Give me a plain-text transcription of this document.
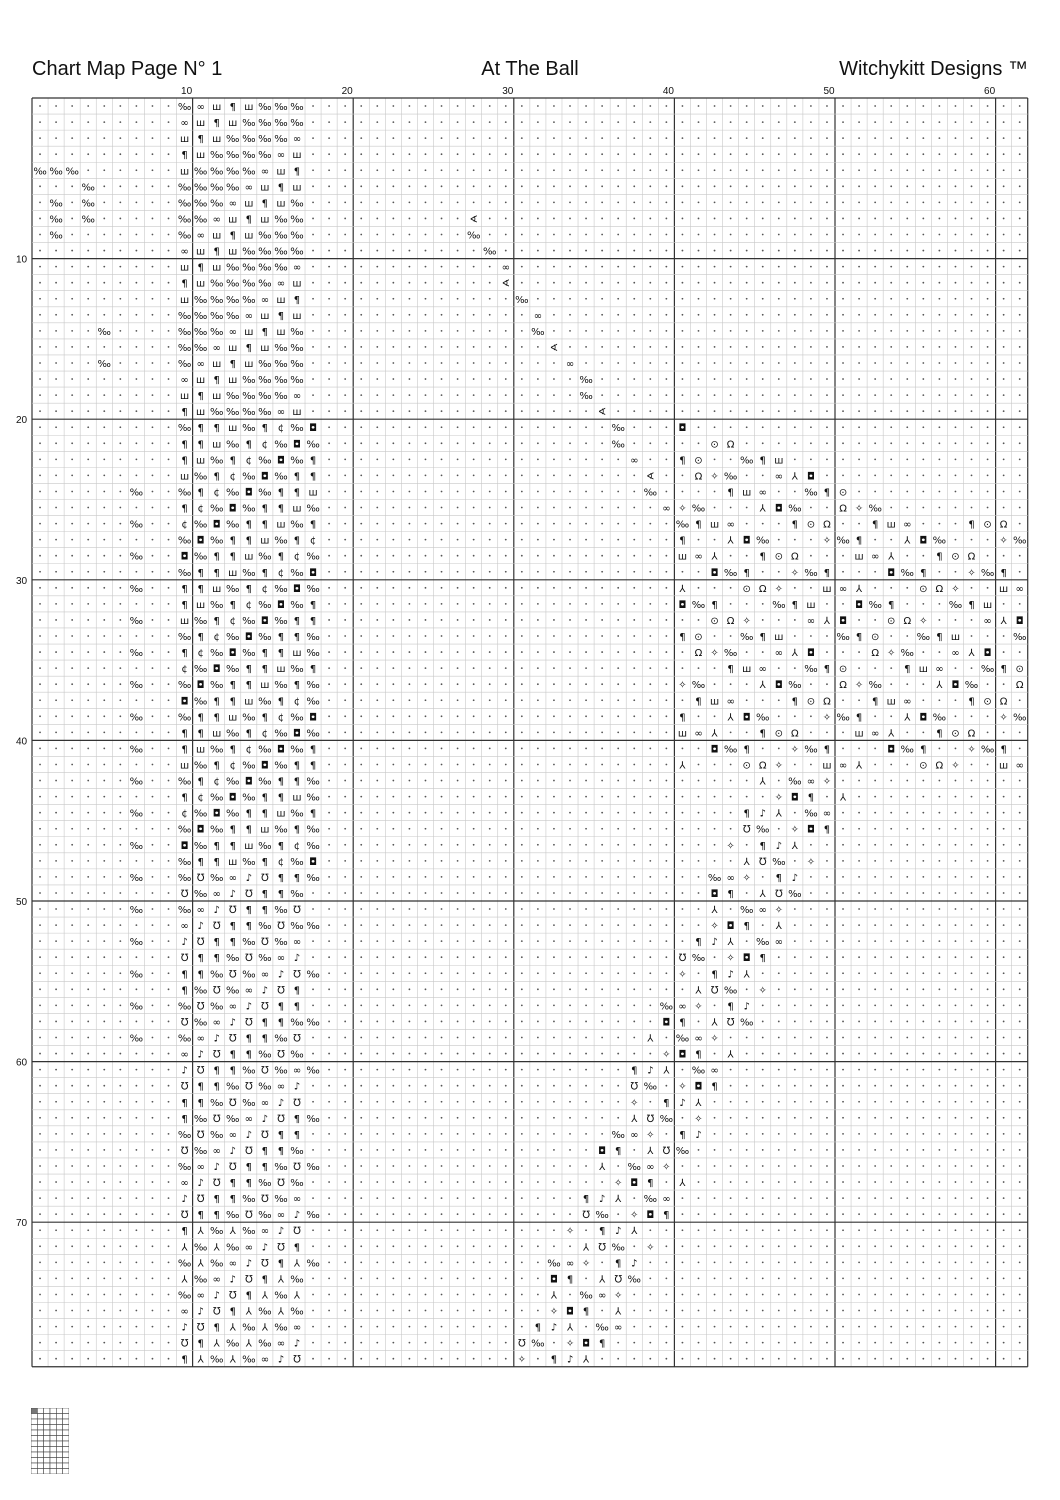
Chart Map Page N° 1	At The Ball	Witchykitt Designs ™
10	20	30	40	50	60
10
20
30
40
50
60
70
‰ ∞ ш ¶ ш ‰ ‰ ‰
∞ ш ¶ ш ‰ ‰ ‰ ‰
ш ¶ ш ‰ ‰ ‰ ‰ ∞
¶ ш ‰ ‰ ‰ ‰ ∞ ш
‰ ‰ ‰	ш ‰ ‰ ‰ ‰ ∞ ш ¶
‰	‰ ‰ ‰ ‰ ∞ ш ¶ ш
‰ ‰	‰ ‰ ‰ ∞ ш ¶ ш ‰
‰ ‰	‰ ‰ ∞ ш ¶ ш ‰ ‰	∢
‰	‰ ∞ ш ¶ ш ‰ ‰ ‰	‰
∞ ш ¶ ш ‰ ‰ ‰ ‰	‰
ш ¶ ш ‰ ‰ ‰ ‰ ∞	∞
¶ ш ‰ ‰ ‰ ‰ ∞ ш	∢
ш ‰ ‰ ‰ ‰ ∞ ш ¶	‰
‰ ‰ ‰ ‰ ∞ ш ¶ ш	∞
‰	‰ ‰ ‰ ∞ ш ¶ ш ‰	‰
‰ ‰ ∞ ш ¶ ш ‰ ‰	∢
‰	‰ ∞ ш ¶ ш ‰ ‰ ‰	∞
∞ ш ¶ ш ‰ ‰ ‰ ‰	‰
ш ¶ ш ‰ ‰ ‰ ‰ ∞	‰
¶ ш ‰ ‰ ‰ ‰ ∞ ш	∢
‰ ¶ ¶ ш ‰ ¶ ¢ ‰ ◘	‰	◘
¶ ¶ ш ‰ ¶ ¢ ‰ ◘ ‰	‰	⊙ Ω
¶ ш ‰ ¶ ¢ ‰ ◘ ‰ ¶	∞	¶ ⊙	‰ ¶ ш
ш ‰ ¶ ¢ ‰ ◘ ‰ ¶ ¶	∢	Ω ✧ ‰	∞ ⅄ ◘
‰	‰ ¶ ¢ ‰ ◘ ‰ ¶ ¶ ш	‰	¶ ш ∞	‰ ¶ ⊙
¶ ¢ ‰ ◘ ‰ ¶ ¶ ш ‰	∞ ✧ ‰	⅄ ◘ ‰	Ω ✧ ‰
‰	¢ ‰ ◘ ‰ ¶ ¶ ш ‰ ¶	‰ ¶ ш ∞	¶ ⊙ Ω	¶ ш ∞	¶ ⊙ Ω
‰ ◘ ‰ ¶ ¶ ш ‰ ¶ ¢	¶	⅄ ◘ ‰	✧ ‰ ¶	⅄ ◘ ‰	✧ ‰
‰	◘ ‰ ¶ ¶ ш ‰ ¶ ¢ ‰	ш ∞ ⅄	¶ ⊙ Ω	ш ∞ ⅄	¶ ⊙ Ω
‰ ¶ ¶ ш ‰ ¶ ¢ ‰ ◘	◘ ‰ ¶	✧ ‰ ¶	◘ ‰ ¶	✧ ‰ ¶
‰	¶ ¶ ш ‰ ¶ ¢ ‰ ◘ ‰	⅄	⊙ Ω ✧	ш ∞ ⅄	⊙ Ω ✧	ш ∞
¶ ш ‰ ¶ ¢ ‰ ◘ ‰ ¶	◘ ‰ ¶	‰ ¶ ш	◘ ‰ ¶	‰ ¶ ш
‰	ш ‰ ¶ ¢ ‰ ◘ ‰ ¶ ¶	⊙ Ω ✧	∞ ⅄ ◘	⊙ Ω ✧	∞ ⅄ ◘
‰ ¶ ¢ ‰ ◘ ‰ ¶ ¶ ‰	¶ ⊙	‰ ¶ ш	‰ ¶ ⊙	‰ ¶ ш	‰
‰	¶ ¢ ‰ ◘ ‰ ¶ ¶ ш ‰	Ω ✧ ‰	∞ ⅄ ◘	Ω ✧ ‰	∞ ⅄ ◘
¢ ‰ ◘ ‰ ¶ ¶ ш ‰ ¶	¶ ш ∞	‰ ¶ ⊙	¶ ш ∞	‰ ¶ ⊙
‰	‰ ◘ ‰ ¶ ¶ ш ‰ ¶ ‰	✧ ‰	⅄ ◘ ‰	Ω ✧ ‰	⅄ ◘ ‰	Ω
◘ ‰ ¶ ¶ ш ‰ ¶ ¢ ‰	¶ ш ∞	¶ ⊙ Ω	¶ ш ∞	¶ ⊙ Ω
‰	‰ ¶ ¶ ш ‰ ¶ ¢ ‰ ◘	¶	⅄ ◘ ‰	✧ ‰ ¶	⅄ ◘ ‰	✧ ‰
¶ ¶ ш ‰ ¶ ¢ ‰ ◘ ‰	ш ∞ ⅄	¶ ⊙ Ω	ш ∞ ⅄	¶ ⊙ Ω
‰	¶ ш ‰ ¶ ¢ ‰ ◘ ‰ ¶	◘ ‰ ¶	✧ ‰ ¶	◘ ‰ ¶	✧ ‰ ¶
ш ‰ ¶ ¢ ‰ ◘ ‰ ¶ ¶	⅄	⊙ Ω ✧	ш ∞ ⅄	⊙ Ω ✧	ш ∞
‰	‰ ¶ ¢ ‰ ◘ ‰ ¶ ¶ ‰	⅄ ‰ ∞ ✧
¶ ¢ ‰ ◘ ‰ ¶ ¶ ш ‰	✧ ◘ ¶	⅄
‰	¢ ‰ ◘ ‰ ¶ ¶ ш ‰ ¶	¶ ♪ ⅄ ‰ ∞
‰ ◘ ‰ ¶ ¶ ш ‰ ¶ ‰	℧ ‰ ✧ ◘ ¶
‰	◘ ‰ ¶ ¶ ш ‰ ¶ ¢ ‰	✧ ¶ ♪ ⅄
‰ ¶ ¶ ш ‰ ¶ ¢ ‰ ◘	⅄ ℧ ‰ ✧
‰	‰ ℧ ‰ ∞ ♪ ℧ ¶ ¶ ‰	‰ ∞ ✧ ¶ ♪
℧ ‰ ∞ ♪ ℧ ¶ ¶ ‰	◘ ¶	⅄ ℧ ‰
‰	‰ ∞ ♪ ℧ ¶ ¶ ‰ ℧	⅄ ‰ ∞ ✧
∞ ♪ ℧ ¶ ¶ ‰ ℧ ‰ ‰	✧ ◘ ¶	⅄
‰	♪ ℧ ¶ ¶ ‰ ℧ ‰ ∞	¶ ♪ ⅄ ‰ ∞
℧ ¶ ¶ ‰ ℧ ‰ ∞ ♪	℧ ‰ ✧ ◘ ¶
‰	¶ ¶ ‰ ℧ ‰ ∞ ♪ ℧ ‰	✧ ¶ ♪ ⅄
¶ ‰ ℧ ‰ ∞ ♪ ℧ ¶	⅄ ℧ ‰ ✧
‰	‰ ℧ ‰ ∞ ♪ ℧ ¶ ¶	‰ ∞ ✧ ¶ ♪
℧ ‰ ∞ ♪ ℧ ¶ ¶ ‰ ‰	◘ ¶	⅄ ℧ ‰
‰	‰ ∞ ♪ ℧ ¶ ¶ ‰ ℧	⅄ ‰ ∞ ✧
∞ ♪ ℧ ¶ ¶ ‰ ℧ ‰	✧ ◘ ¶	⅄
♪ ℧ ¶ ¶ ‰ ℧ ‰ ∞ ‰	¶ ♪ ⅄ ‰ ∞
℧ ¶ ¶ ‰ ℧ ‰ ∞ ♪	℧ ‰ ✧ ◘ ¶
¶ ¶ ‰ ℧ ‰ ∞ ♪ ℧	✧ ¶ ♪ ⅄
¶ ‰ ℧ ‰ ∞ ♪ ℧ ¶ ‰	⅄ ℧ ‰ ✧
‰ ℧ ‰ ∞ ♪ ℧ ¶ ¶	‰ ∞ ✧ ¶ ♪
℧ ‰ ∞ ♪ ℧ ¶ ¶ ‰	◘ ¶	⅄ ℧ ‰
‰ ∞ ♪ ℧ ¶ ¶ ‰ ℧ ‰	⅄ ‰ ∞ ✧
∞ ♪ ℧ ¶ ¶ ‰ ℧ ‰	✧ ◘ ¶	⅄
♪ ℧ ¶ ¶ ‰ ℧ ‰ ∞	¶ ♪ ⅄ ‰ ∞
℧ ¶ ¶ ‰ ℧ ‰ ∞ ♪ ‰	℧ ‰ ✧ ◘ ¶
¶ ⅄ ‰ ⅄ ‰ ∞ ♪ ℧	✧ ¶ ♪ ⅄
⅄ ‰ ⅄ ‰ ∞ ♪ ℧ ¶	⅄ ℧ ‰ ✧
‰ ⅄ ‰ ∞ ♪ ℧ ¶ ⅄ ‰	‰ ∞ ✧ ¶ ♪
⅄ ‰ ∞ ♪ ℧ ¶ ⅄ ‰	◘ ¶	⅄ ℧ ‰
‰ ∞ ♪ ℧ ¶ ⅄ ‰ ⅄	⅄ ‰ ∞ ✧
∞ ♪ ℧ ¶ ⅄ ‰ ⅄ ‰	✧ ◘ ¶	⅄
♪ ℧ ¶ ⅄ ‰ ⅄ ‰ ∞	¶ ♪ ⅄ ‰ ∞
℧ ¶ ⅄ ‰ ⅄ ‰ ∞ ♪	℧ ‰ ✧ ◘ ¶
¶ ⅄ ‰ ⅄ ‰ ∞ ♪ ℧	✧ ¶ ♪ ⅄
